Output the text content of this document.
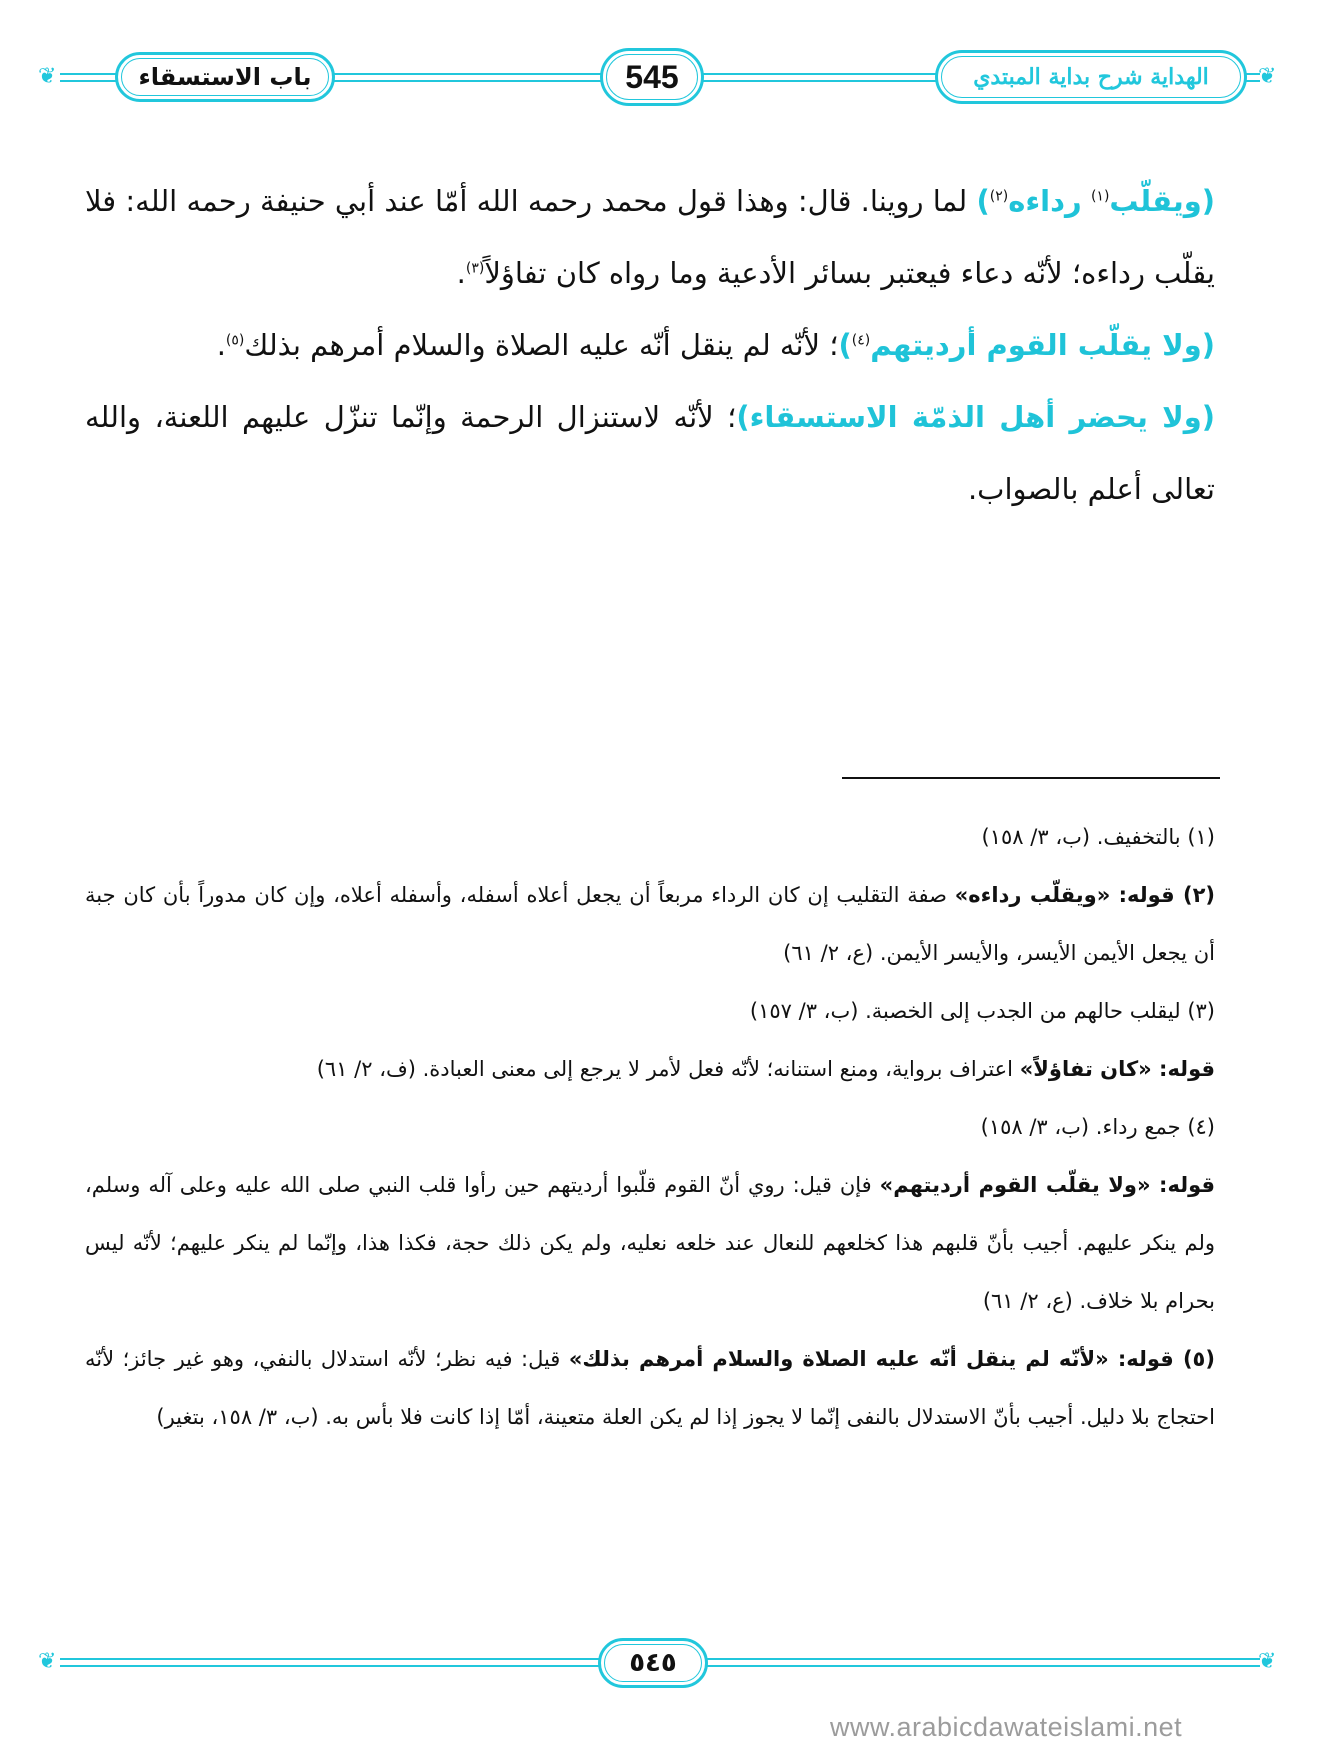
❦	❦
باب الاستسقاء	545	الهداية شرح بداية المبتدي

(ويقلّب$^{(١)}$ رداءه$^{(٢)}$) لما روينا. قال: وهذا قول محمد رحمه الله أمّا عند أبي حنيفة رحمه الله: فلا يقلّب رداءه؛ لأنّه دعاء فيعتبر بسائر الأدعية وما رواه كان تفاؤلاً$^{(٣)}$.

(ولا يقلّب القوم أرديتهم$^{(٤)}$)؛ لأنّه لم ينقل أنّه عليه الصلاة والسلام أمرهم بذلك$^{(٥)}$.

(ولا يحضر أهل الذمّة الاستسقاء)؛ لأنّه لاستنزال الرحمة وإنّما تنزّل عليهم اللعنة، والله تعالى أعلم بالصواب.

(١) بالتخفيف. (ب، ٣/ ١٥٨)

(٢) قوله: «ويقلّب رداءه» صفة التقليب إن كان الرداء مربعاً أن يجعل أعلاه أسفله، وأسفله أعلاه، وإن كان مدوراً بأن كان جبة أن يجعل الأيمن الأيسر، والأيسر الأيمن. (ع، ٢/ ٦١)

(٣) ليقلب حالهم من الجدب إلى الخصبة. (ب، ٣/ ١٥٧)

قوله: «كان تفاؤلاً» اعتراف برواية، ومنع استنانه؛ لأنّه فعل لأمر لا يرجع إلى معنى العبادة. (ف، ٢/ ٦١)

(٤) جمع رداء. (ب، ٣/ ١٥٨)

قوله: «ولا يقلّب القوم أرديتهم» فإن قيل: روي أنّ القوم قلّبوا أرديتهم حين رأوا قلب النبي صلى الله عليه وعلى آله وسلم، ولم ينكر عليهم. أجيب بأنّ قلبهم هذا كخلعهم للنعال عند خلعه نعليه، ولم يكن ذلك حجة، فكذا هذا، وإنّما لم ينكر عليهم؛ لأنّه ليس بحرام بلا خلاف. (ع، ٢/ ٦١)

(٥) قوله: «لأنّه لم ينقل أنّه عليه الصلاة والسلام أمرهم بذلك» قيل: فيه نظر؛ لأنّه استدلال بالنفي، وهو غير جائز؛ لأنّه احتجاج بلا دليل. أجيب بأنّ الاستدلال بالنفى إنّما لا يجوز إذا لم يكن العلة متعينة، أمّا إذا كانت فلا بأس به. (ب، ٣/ ١٥٨، بتغير)

❦	❦
٥٤٥
www.arabicdawateislami.net
